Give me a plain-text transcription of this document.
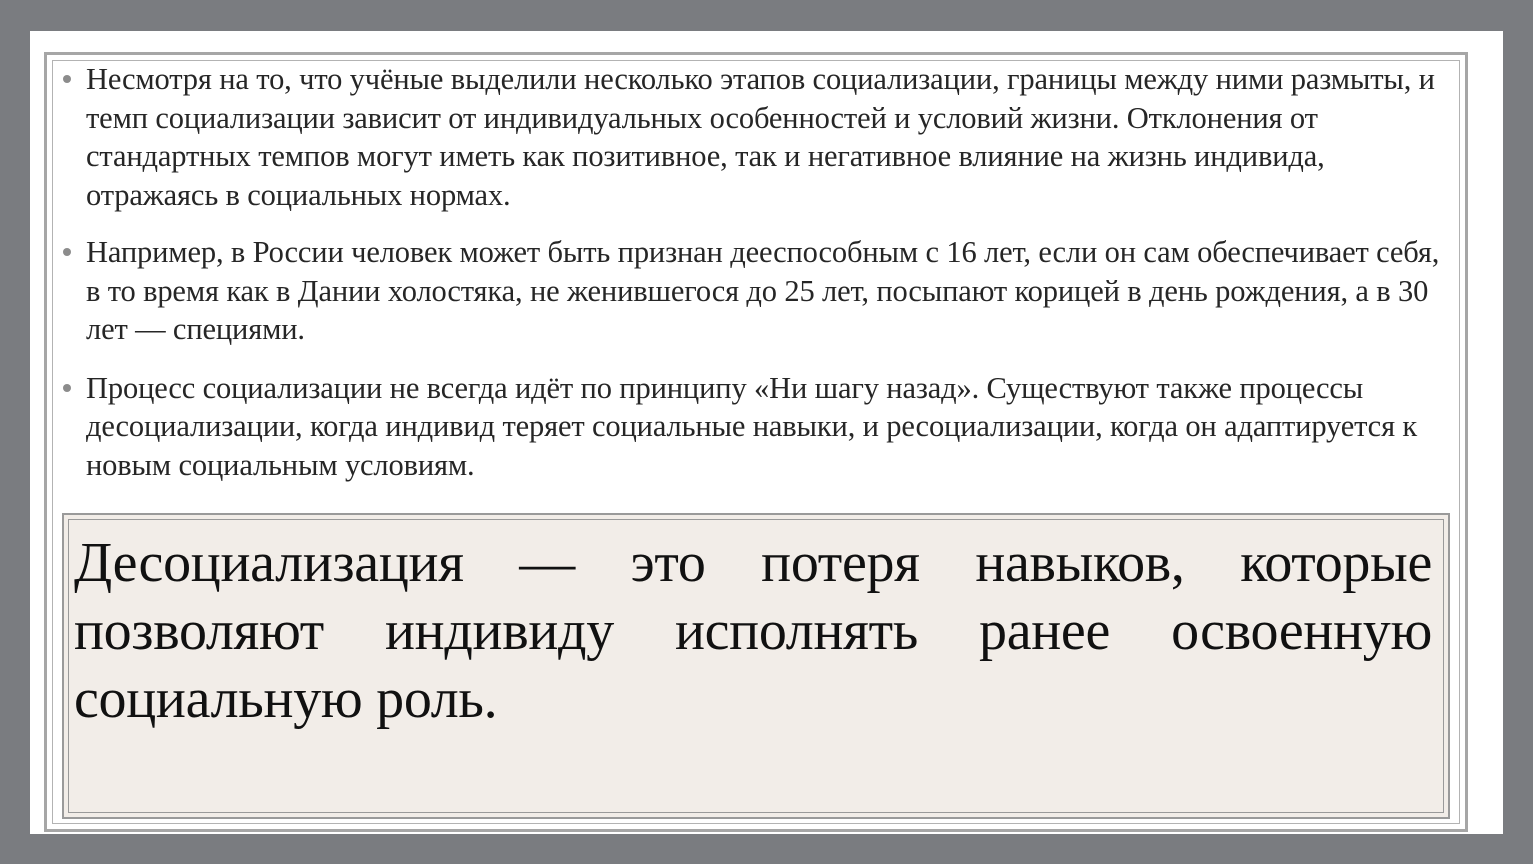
Несмотря на то, что учёные выделили несколько этапов социализации, границы между ними размыты, и темп социализации зависит от индивидуальных особенностей и условий жизни. Отклонения от стандартных темпов могут иметь как позитивное, так и негативное влияние на жизнь индивида, отражаясь в социальных нормах.
Например, в России человек может быть признан дееспособным с 16 лет, если он сам обеспечивает себя, в то время как в Дании холостяка, не женившегося до 25 лет, посыпают корицей в день рождения, а в 30 лет — специями.
Процесс социализации не всегда идёт по принципу «Ни шагу назад». Существуют также процессы десоциализации, когда индивид теряет социальные навыки, и ресоциализации, когда он адаптируется к новым социальным условиям.

Десоциализация — это потеря навыков, которые позволяют индивиду исполнять ранее освоенную социальную роль.
